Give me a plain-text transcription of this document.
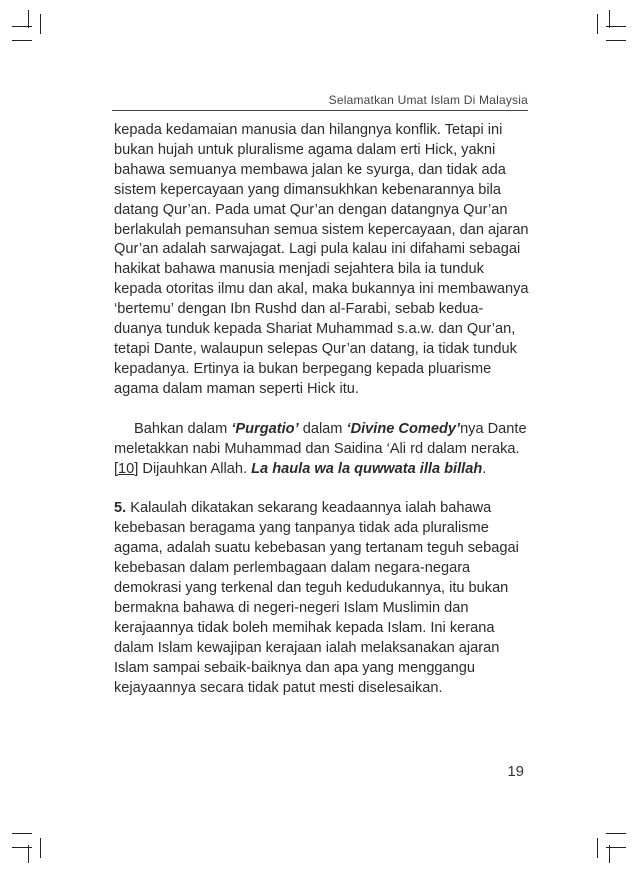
Selamatkan Umat Islam Di Malaysia

kepada kedamaian manusia dan hilangnya konflik. Tetapi ini bukan hujah untuk pluralisme agama dalam erti Hick, yakni bahawa semuanya membawa jalan ke syurga, dan tidak ada sistem kepercayaan yang dimansukhkan kebenarannya bila datang Qur’an. Pada umat Qur’an dengan datangnya Qur’an berlakulah pemansuhan semua sistem kepercayaan, dan ajaran Qur’an adalah sarwajagat. Lagi pula kalau ini difahami sebagai hakikat bahawa manusia menjadi sejahtera bila ia tunduk kepada otoritas ilmu dan akal, maka bukannya ini membawanya ‘bertemu’ dengan Ibn Rushd dan al-Farabi, sebab kedua-duanya tunduk kepada Shariat Muhammad s.a.w. dan Qur’an, tetapi Dante, walaupun selepas Qur’an datang, ia tidak tunduk kepadanya. Ertinya ia bukan berpegang kepada pluarisme agama dalam maman seperti Hick itu.

Bahkan dalam ‘Purgatio’ dalam ‘Divine Comedy’nya Dante meletakkan nabi Muhammad dan Saidina ‘Ali rd dalam neraka.[10] Dijauhkan Allah. La haula wa la quwwata illa billah.

5. Kalaulah dikatakan sekarang keadaannya ialah bahawa kebebasan beragama yang tanpanya tidak ada pluralisme agama, adalah suatu kebebasan yang tertanam teguh sebagai kebebasan dalam perlembagaan dalam negara-negara demokrasi yang terkenal dan teguh kedudukannya, itu bukan bermakna bahawa di negeri-negeri Islam Muslimin dan kerajaannya tidak boleh memihak kepada Islam. Ini kerana dalam Islam kewajipan kerajaan ialah melaksanakan ajaran Islam sampai sebaik-baiknya dan apa yang menggangu kejayaannya secara tidak patut mesti diselesaikan.

19
